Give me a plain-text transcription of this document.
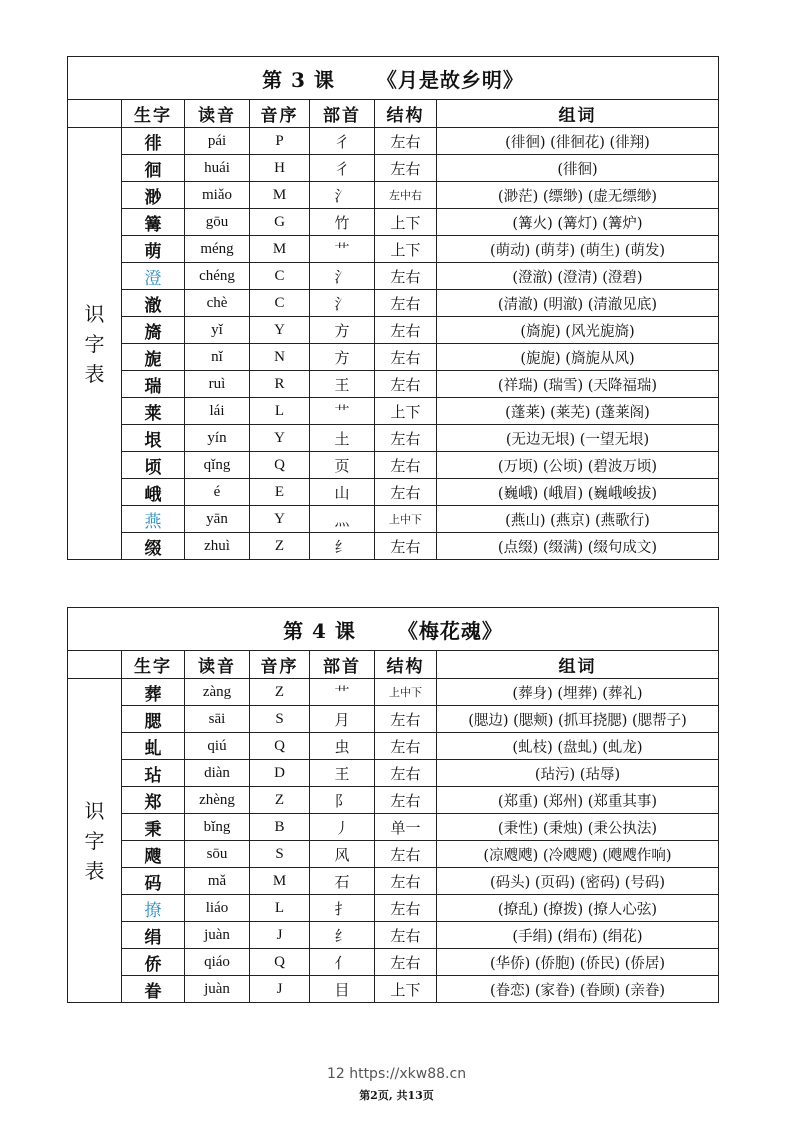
第 3 课 《月是故乡明》						
	生字	读音	音序	部首	结构	组词

识
字
表	徘	pái	P	彳	左右	(徘徊) (徘徊花) (徘翔)
	徊	huái	H	彳	左右	(徘徊)
	渺	miǎo	M	氵	左中右	(渺茫) (缥缈) (虚无缥缈)
	篝	gōu	G	竹	上下	(篝火) (篝灯) (篝炉)
	萌	méng	M	艹	上下	(萌动) (萌芽) (萌生) (萌发)
	澄	chéng	C	氵	左右	(澄澈) (澄清) (澄碧)
	澈	chè	C	氵	左右	(清澈) (明澈) (清澈见底)
	旖	yǐ	Y	方	左右	(旖旎) (风光旎旖)
	旎	nǐ	N	方	左右	(旎旎) (旖旎从风)
	瑞	ruì	R	王	左右	(祥瑞) (瑞雪) (天降福瑞)
	莱	lái	L	艹	上下	(蓬莱) (莱芜) (蓬莱阁)
	垠	yín	Y	土	左右	(无边无垠) (一望无垠)
	顷	qǐng	Q	页	左右	(万顷) (公顷) (碧波万顷)
	峨	é	E	山	左右	(巍峨) (峨眉) (巍峨峻拔)
	燕	yān	Y	灬	上中下	(燕山) (燕京) (燕歌行)
	缀	zhuì	Z	纟	左右	(点缀) (缀满) (缀句成文)
第 4 课 《梅花魂》						
	生字	读音	音序	部首	结构	组词

识
字
表	葬	zàng	Z	艹	上中下	(葬身) (埋葬) (葬礼)
	腮	sāi	S	月	左右	(腮边) (腮颊) (抓耳挠腮) (腮帮子)
	虬	qiú	Q	虫	左右	(虬枝) (盘虬) (虬龙)
	玷	diàn	D	王	左右	(玷污) (玷辱)
	郑	zhèng	Z	阝	左右	(郑重) (郑州) (郑重其事)
	秉	bǐng	B	丿	单一	(秉性) (秉烛) (秉公执法)
	飕	sōu	S	风	左右	(凉飕飕) (冷飕飕) (飕飕作响)
	码	mǎ	M	石	左右	(码头) (页码) (密码) (号码)
	撩	liáo	L	扌	左右	(撩乱) (撩拨) (撩人心弦)
	绢	juàn	J	纟	左右	(手绢) (绢布) (绢花)
	侨	qiáo	Q	亻	左右	(华侨) (侨胞) (侨民) (侨居)
	眷	juàn	J	目	上下	(眷恋) (家眷) (眷顾) (亲眷)
12 https://xkw88.cn
第2页, 共13页
